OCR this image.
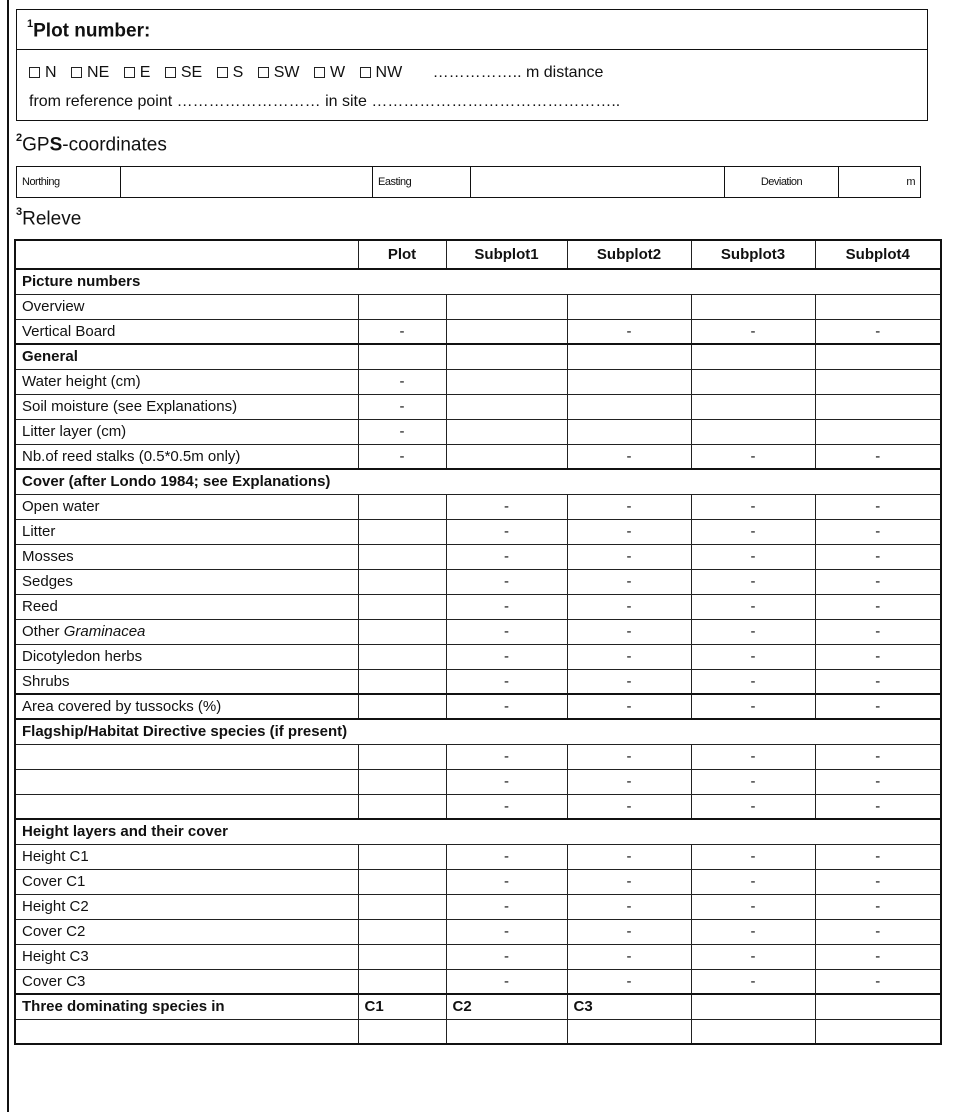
$^1$Plot number:
N NE E SE S SW W NW …………….. m distance
from reference point ……………………… in site ………………………………………..
$^2$GPS-coordinates
Northing		Easting		Deviation	m
$^3$Releve
	Plot	Subplot1	Subplot2	Subplot3	Subplot4
Picture numbers					
Overview					
Vertical Board	-		-	-	-
General					
Water height (cm)	-				
Soil moisture (see Explanations)	-				
Litter layer (cm)	-				
Nb.of reed stalks (0.5*0.5m only)	-		-	-	-
Cover (after Londo 1984; see Explanations)					
Open water		-	-	-	-
Litter		-	-	-	-
Mosses		-	-	-	-
Sedges		-	-	-	-
Reed		-	-	-	-
Other Graminacea		-	-	-	-
Dicotyledon herbs		-	-	-	-
Shrubs		-	-	-	-
Area covered by tussocks (%)		-	-	-	-
Flagship/Habitat Directive species (if present)					
		-	-	-	-
		-	-	-	-
		-	-	-	-
Height layers and their cover					
Height C1		-	-	-	-
Cover C1		-	-	-	-
Height C2		-	-	-	-
Cover C2		-	-	-	-
Height C3		-	-	-	-
Cover C3		-	-	-	-
Three dominating species in	C1	C2	C3		
